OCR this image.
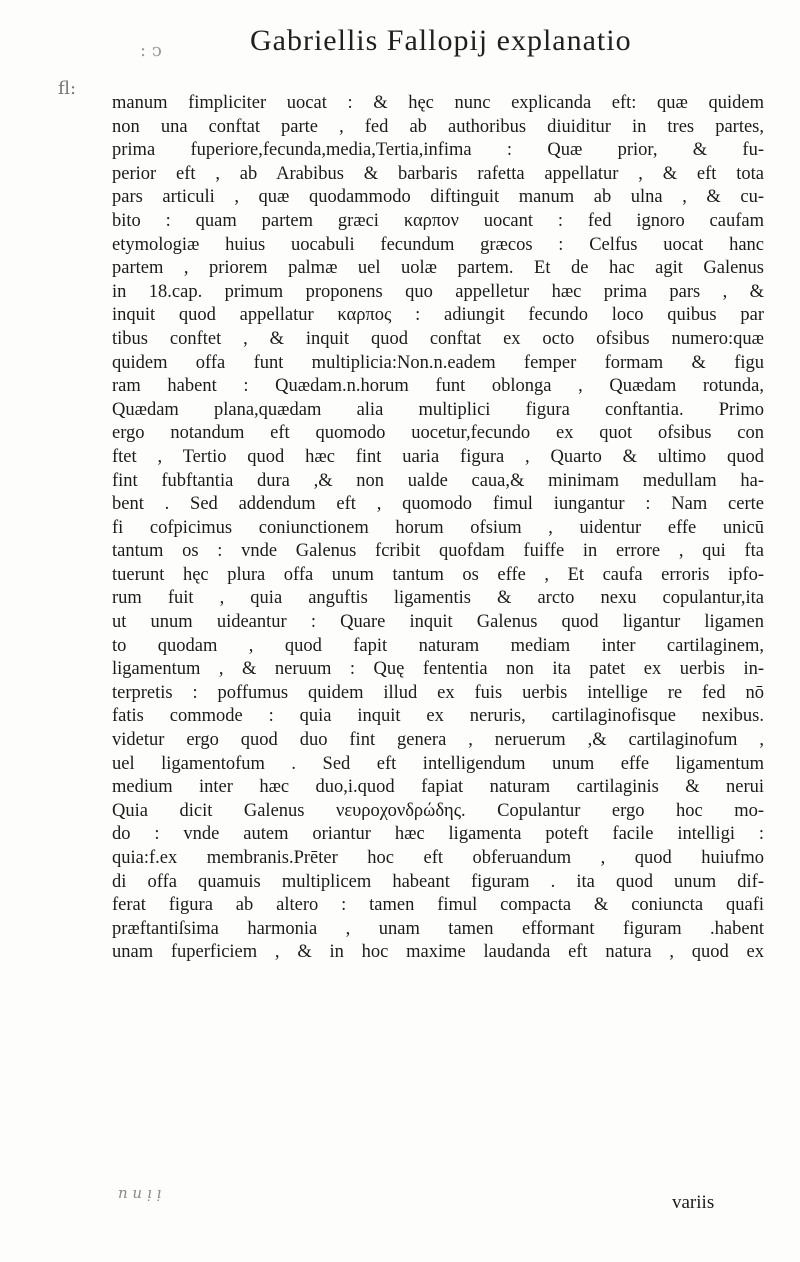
: ͻ	Gabriellis Fallopij explanatio
ﬂ:
manum fimpliciter uocat : & hęc nunc explicanda eft: quæ quidem
non una conftat parte , fed ab authoribus diuiditur in tres partes,
prima fuperiore,fecunda,media,Tertia,infima : Quæ prior, & fu-
perior eft , ab Arabibus & barbaris rafetta appellatur , & eft tota
pars articuli , quæ quodammodo diftinguit manum ab ulna , & cu-
bito : quam partem græci καρπον uocant : fed ignoro caufam
etymologiæ huius uocabuli fecundum græcos : Celfus uocat hanc
partem , priorem palmæ uel uolæ partem. Et de hac agit Galenus
in 18.cap. primum proponens quo appelletur hæc prima pars , &
inquit quod appellatur καρπος : adiungit fecundo loco quibus par
tibus conftet , & inquit quod conftat ex octo ofsibus numero:quæ
quidem offa funt multiplicia:Non.n.eadem femper formam & figu
ram habent : Quædam.n.horum funt oblonga , Quædam rotunda,
Quædam plana,quædam alia multiplici figura conftantia. Primo
ergo notandum eft quomodo uocetur,fecundo ex quot ofsibus con
ftet , Tertio quod hæc fint uaria figura , Quarto & ultimo quod
fint fubftantia dura ,& non ualde caua,& minimam medullam ha-
bent . Sed addendum eft , quomodo fimul iungantur : Nam certe
fi cofpicimus coniunctionem horum ofsium , uidentur effe unicū
tantum os : vnde Galenus fcribit quofdam fuiffe in errore , qui fta
tuerunt hęc plura offa unum tantum os effe , Et caufa erroris ipfo-
rum fuit , quia anguftis ligamentis & arcto nexu copulantur,ita
ut unum uideantur : Quare inquit Galenus quod ligantur ligamen
to quodam , quod fapit naturam mediam inter cartilaginem,
ligamentum , & neruum : Quę fententia non ita patet ex uerbis in-
terpretis : poffumus quidem illud ex fuis uerbis intellige re fed nō
fatis commode : quia inquit ex neruris, cartilaginofisque nexibus.
videtur ergo quod duo fint genera , neruerum ,& cartilaginofum ,
uel ligamentofum . Sed eft intelligendum unum effe ligamentum
medium inter hæc duo,i.quod fapiat naturam cartilaginis & nerui
Quia dicit Galenus νευροχονδρώδης. Copulantur ergo hoc mo-
do : vnde autem oriantur hæc ligamenta poteft facile intelligi :
quia:f.ex membranis.Prēter hoc eft obferuandum , quod huiufmo
di offa quamuis multiplicem habeant figuram . ita quod unum dif-
ferat figura ab altero : tamen fimul compacta & coniuncta quafi
præftantiſsima harmonia , unam tamen efformant figuram .habent
unam fuperficiem , & in hoc maxime laudanda eft natura , quod ex
n u ᴉ ᴉ	variis
